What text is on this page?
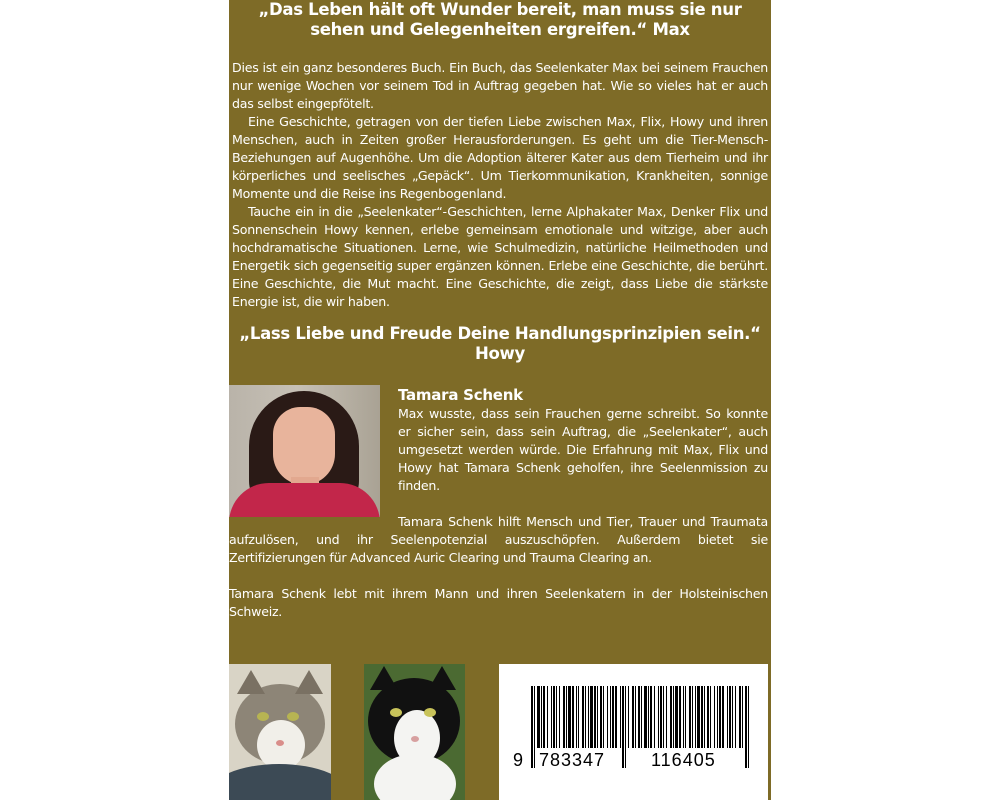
„Das Leben hält oft Wunder bereit, man muss sie nur sehen und Gelegenheiten ergreifen.“ Max

Dies ist ein ganz besonderes Buch. Ein Buch, das Seelenkater Max bei seinem Frauchen nur wenige Wochen vor seinem Tod in Auftrag gegeben hat. Wie so vieles hat er auch das selbst eingepfötelt.

Eine Geschichte, getragen von der tiefen Liebe zwischen Max, Flix, Howy und ihren Menschen, auch in Zeiten großer Herausforderungen. Es geht um die Tier-Mensch-Beziehungen auf Augenhöhe. Um die Adoption älterer Kater aus dem Tierheim und ihr körperliches und seelisches „Gepäck“. Um Tierkommunikation, Krankheiten, sonnige Momente und die Reise ins Regenbogenland.

Tauche ein in die „Seelenkater“-Geschichten, lerne Alphakater Max, Denker Flix und Sonnenschein Howy kennen, erlebe gemeinsam emotionale und witzige, aber auch hochdramatische Situationen. Lerne, wie Schulmedizin, natürliche Heilmethoden und Energetik sich gegenseitig super ergänzen können. Erlebe eine Geschichte, die berührt. Eine Geschichte, die Mut macht. Eine Geschichte, die zeigt, dass Liebe die stärkste Energie ist, die wir haben.

„Lass Liebe und Freude Deine Handlungsprinzipien sein.“ Howy

Tamara Schenk

Max wusste, dass sein Frauchen gerne schreibt. So konnte er sicher sein, dass sein Auftrag, die „Seelenkater“, auch umgesetzt werden würde. Die Erfahrung mit Max, Flix und Howy hat Tamara Schenk geholfen, ihre Seelenmission zu finden.

Tamara Schenk hilft Mensch und Tier, Trauer und Traumata aufzulösen, und ihr Seelenpotenzial auszuschöpfen. Außerdem bietet sie Zertifizierungen für Advanced Auric Clearing und Trauma Clearing an.

Tamara Schenk lebt mit ihrem Mann und ihren Seelenkatern in der Holsteinischen Schweiz.

9 783347	116405
